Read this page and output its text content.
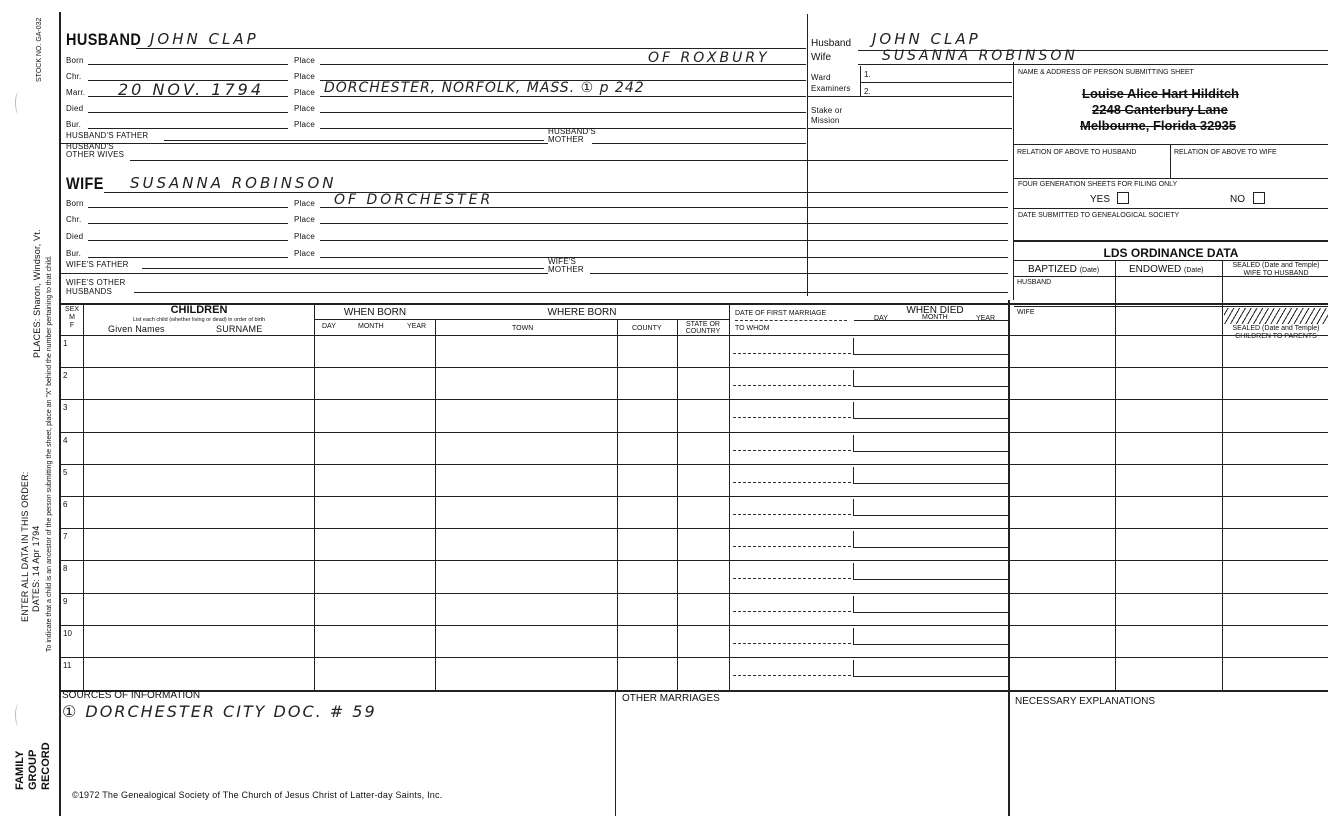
STOCK NO. GA-032
To indicate that a child is an ancestor of the person submitting the sheet, place an "X" behind the number pertaining to that child.
PLACES: Sharon, Windsor, Vt.
ENTER ALL DATA IN THIS ORDER: DATES: 14 Apr 1794
FAMILY GROUP RECORD
HUSBAND JOHN CLAP
Born	Place	OF ROXBURY
Chr.	Place
Marr. 20 NOV. 1794	Place DORCHESTER, NORFOLK, MASS. ① p 242
Died	Place
Bur.	Place
HUSBAND'S FATHER	HUSBAND'S
MOTHER
HUSBAND'S
OTHER WIVES
Husband JOHN CLAP
Wife	SUSANNA ROBINSON
Ward
Examiners
1.
2.
Stake or
Mission
NAME & ADDRESS OF PERSON SUBMITTING SHEET
Louise Alice Hart Hilditch
2248 Canterbury Lane
Melbourne, Florida 32935
RELATION OF ABOVE TO HUSBAND	RELATION OF ABOVE TO WIFE
FOUR GENERATION SHEETS FOR FILING ONLY
YES	NO
DATE SUBMITTED TO GENEALOGICAL SOCIETY
LDS ORDINANCE DATA
BAPTIZED (Date)	ENDOWED (Date)
SEALED (Date and Temple)
WIFE TO HUSBAND
HUSBAND
WIFE
SEALED (Date and Temple)
CHILDREN TO PARENTS
WIFE SUSANNA ROBINSON
Born	Place OF DORCHESTER
Chr.	Place
Died	Place
Bur.	Place
WIFE'S FATHER	WIFE'S
MOTHER
WIFE'S OTHER
HUSBANDS
SEX
M
F
CHILDREN
List each child (whether living or dead) in order of birth
Given Names	SURNAME
WHEN BORN
DAY	MONTH	YEAR
WHERE BORN
TOWN	COUNTY
STATE OR
COUNTRY
DATE OF FIRST MARRIAGE
TO WHOM
WHEN DIED
DAY	MONTH	YEAR
1
2
3
4
5
6
7
8
9
10
11
SOURCES OF INFORMATION
① DORCHESTER CITY DOC. # 59
OTHER MARRIAGES	NECESSARY EXPLANATIONS
©1972 The Genealogical Society of The Church of Jesus Christ of Latter-day Saints, Inc.
